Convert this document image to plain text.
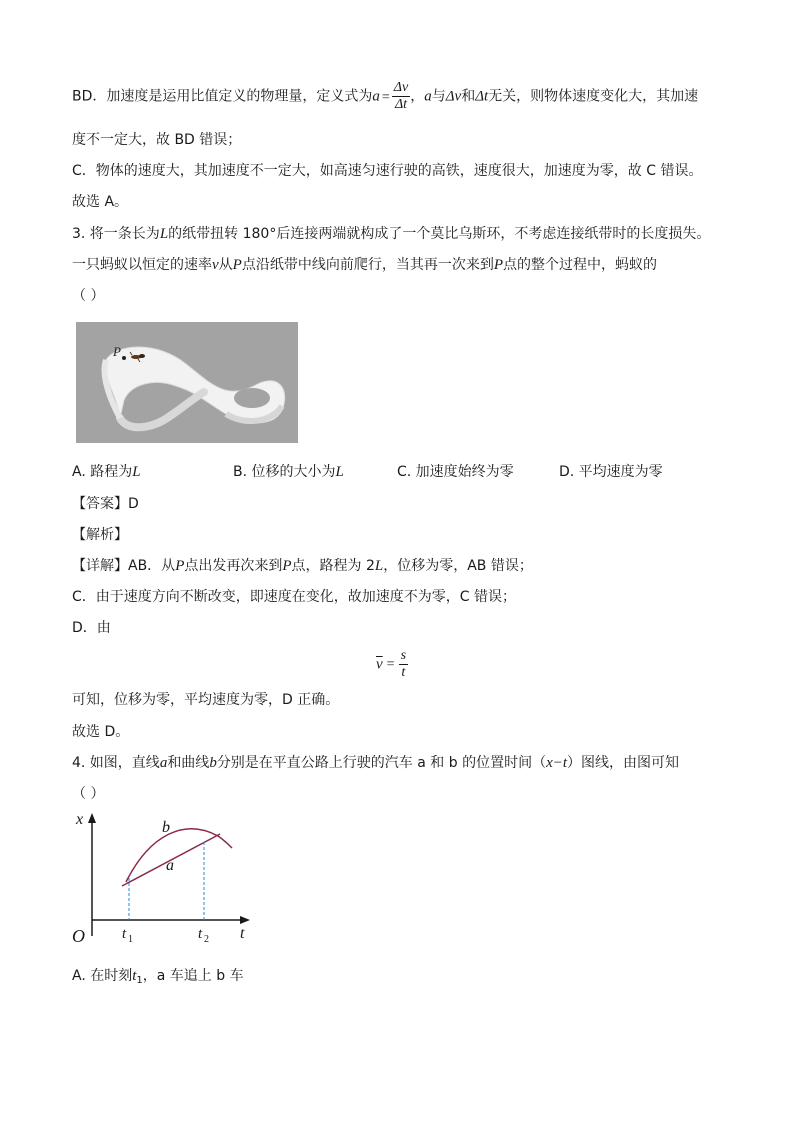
BD．加速度是运用比值定义的物理量，定义式为$a = \frac{\Delta v}{\Delta t}$ ，a与Δv和Δt无关，则物体速度变化大，其加速
度不一定大，故 BD 错误；
C．物体的速度大，其加速度不一定大，如高速匀速行驶的高铁，速度很大，加速度为零，故 C 错误。
故选 A。
3. 将一条长为L的纸带扭转 180°后连接两端就构成了一个莫比乌斯环，不考虑连接纸带时的长度损失。
一只蚂蚁以恒定的速率v从P点沿纸带中线向前爬行，当其再一次来到P点的整个过程中，蚂蚁的
（ ）
P
A. 路程为L	B. 位移的大小为L	C. 加速度始终为零	D. 平均速度为零
【答案】D
【解析】
【详解】AB．从P点出发再次来到P点，路程为 2L，位移为零，AB 错误；
C．由于速度方向不断改变，即速度在变化，故加速度不为零，C 错误；
D．由
$\overline{v} = \frac{s}{t}$
可知，位移为零，平均速度为零，D 正确。
故选 D。
4. 如图，直线a和曲线b分别是在平直公路上行驶的汽车 a 和 b 的位置时间（x−t）图线，由图可知
（ ）
x
t
O
b
a
t 1	t 2
A. 在时刻$t_1$，a 车追上 b 车
